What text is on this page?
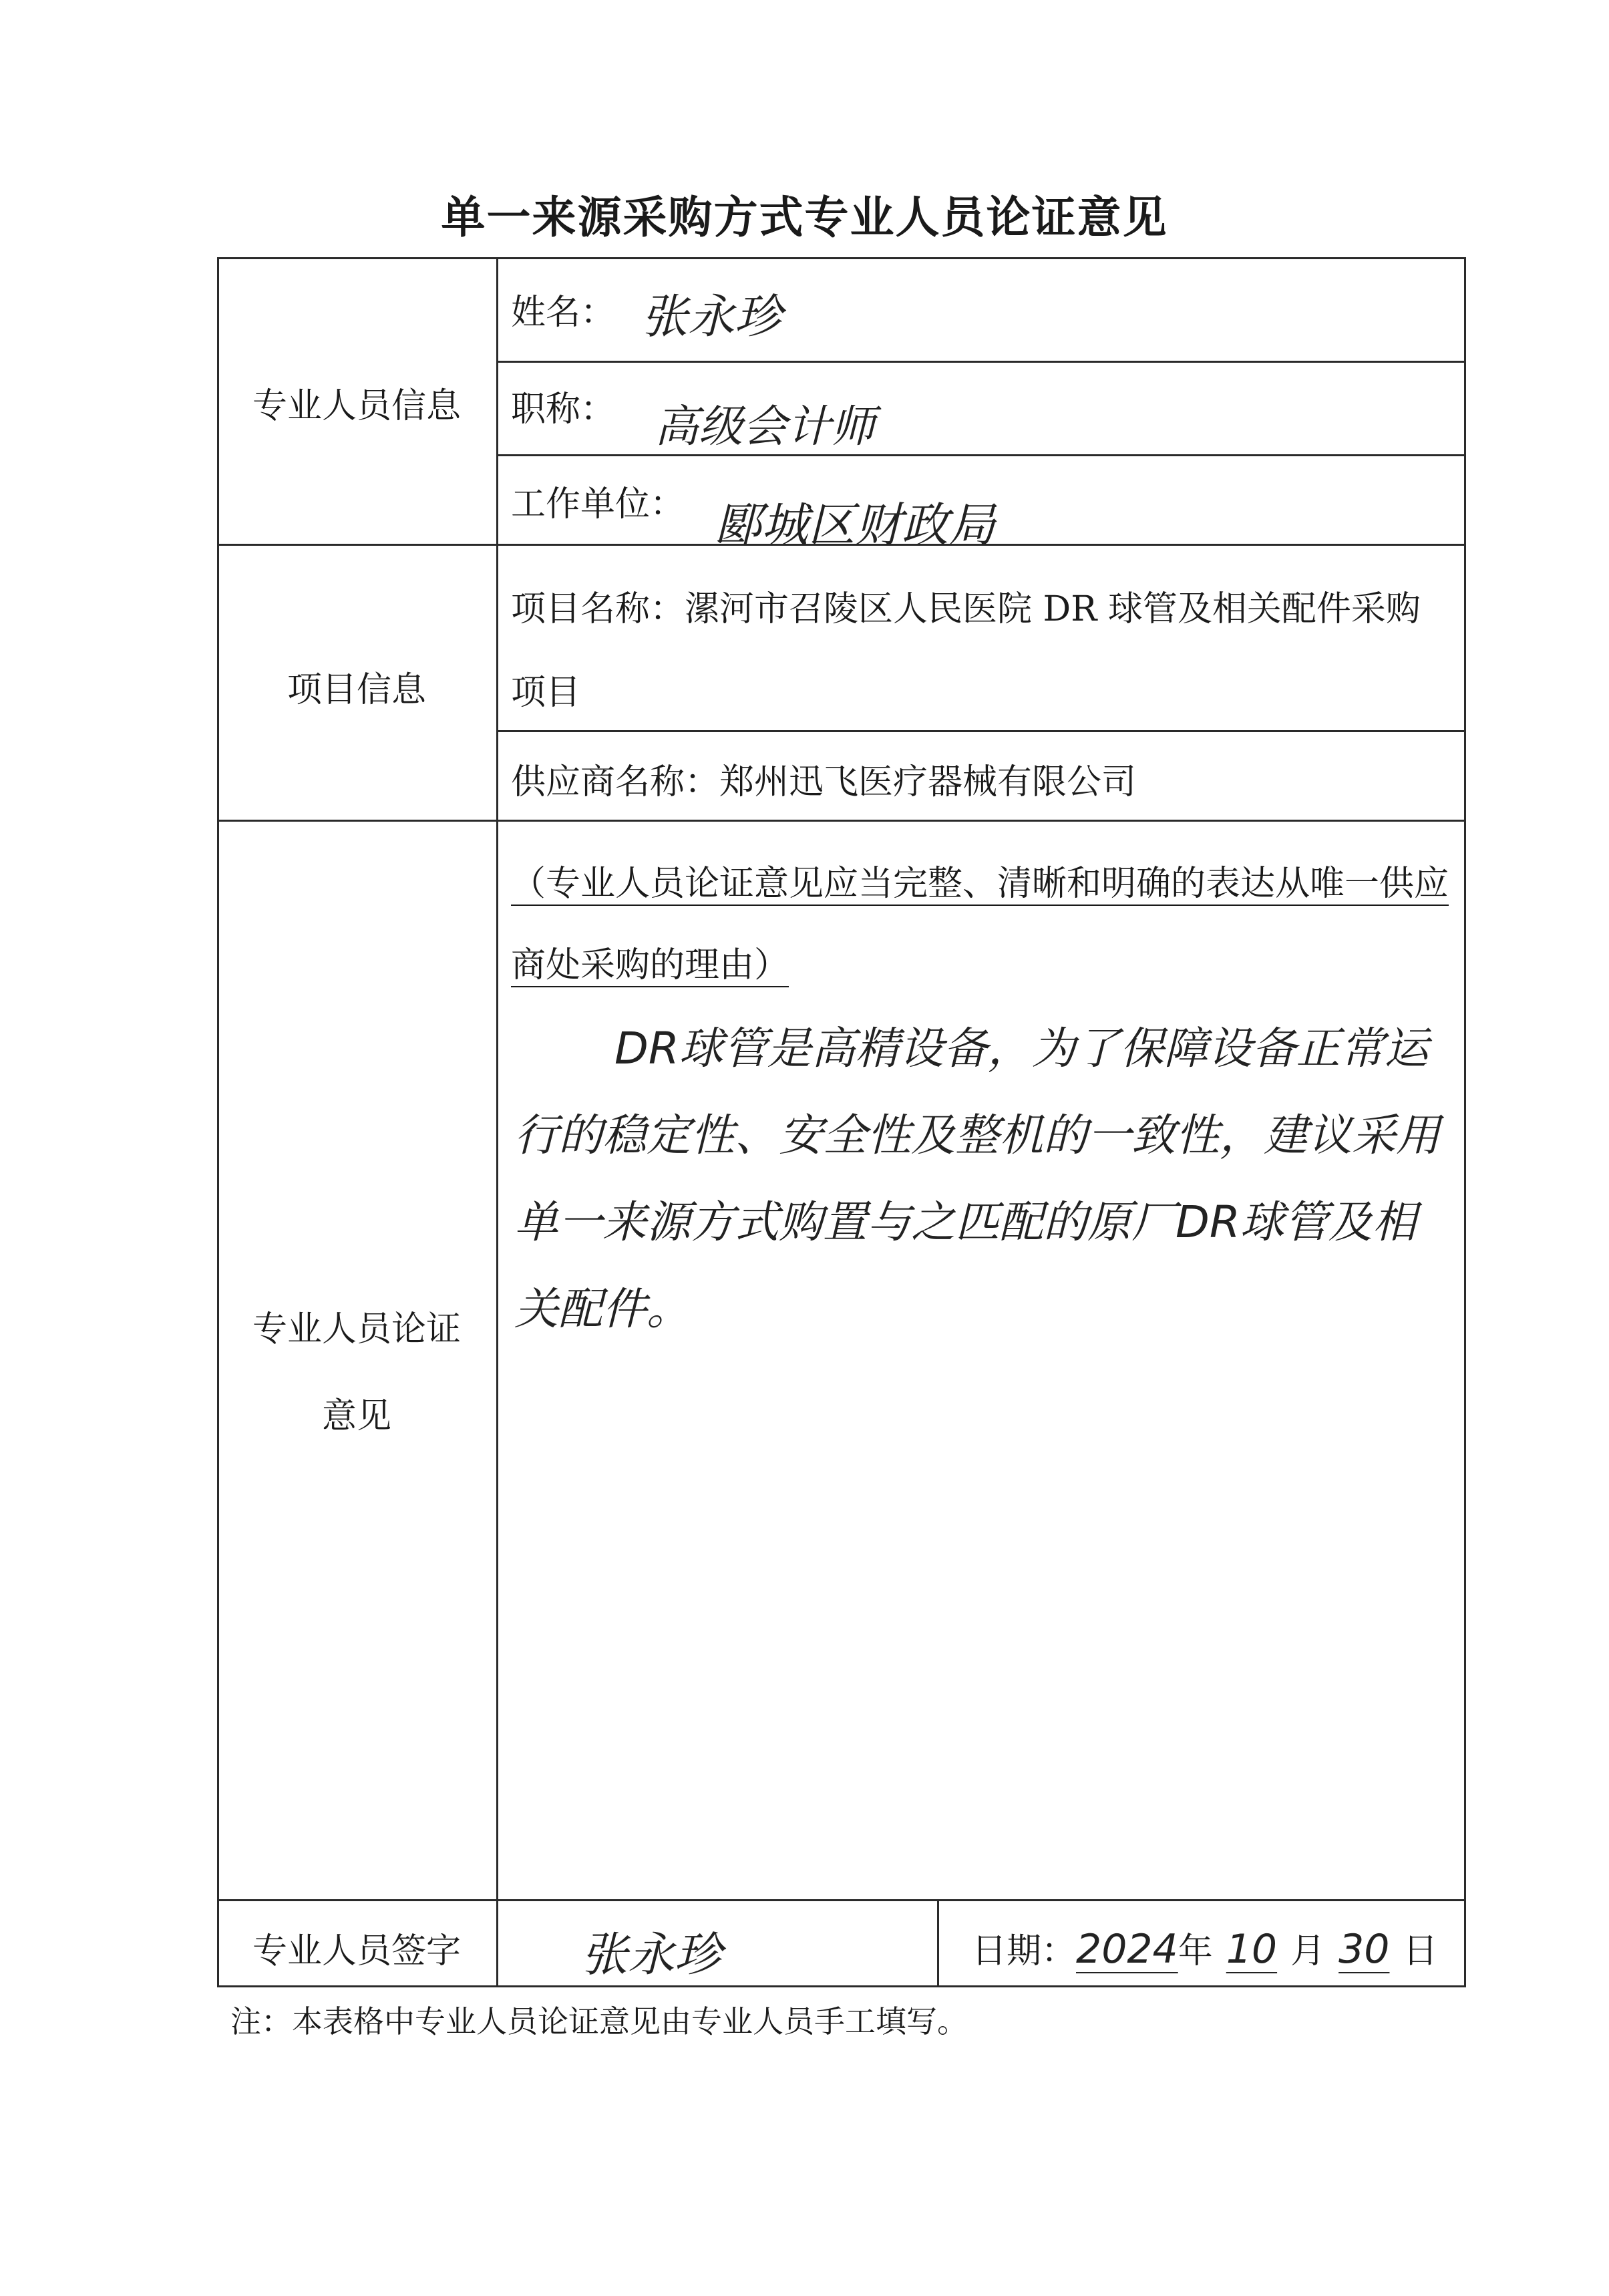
单一来源采购方式专业人员论证意见
专业人员信息
项目信息
专业人员论证意见
专业人员签字
姓名： 张永珍
职称： 高级会计师
工作单位： 郾城区财政局
项目名称：漯河市召陵区人民医院 DR 球管及相关配件采购项目
供应商名称：郑州迅飞医疗器械有限公司
（专业人员论证意见应当完整、清晰和明确的表达从唯一供应商处采购的理由）
DR球管是高精设备，为了保障设备正常运行的稳定性、安全性及整机的一致性，建议采用单一来源方式购置与之匹配的原厂DR球管及相关配件。
张永珍	日期：2024年 10 月 30 日
注：本表格中专业人员论证意见由专业人员手工填写。
